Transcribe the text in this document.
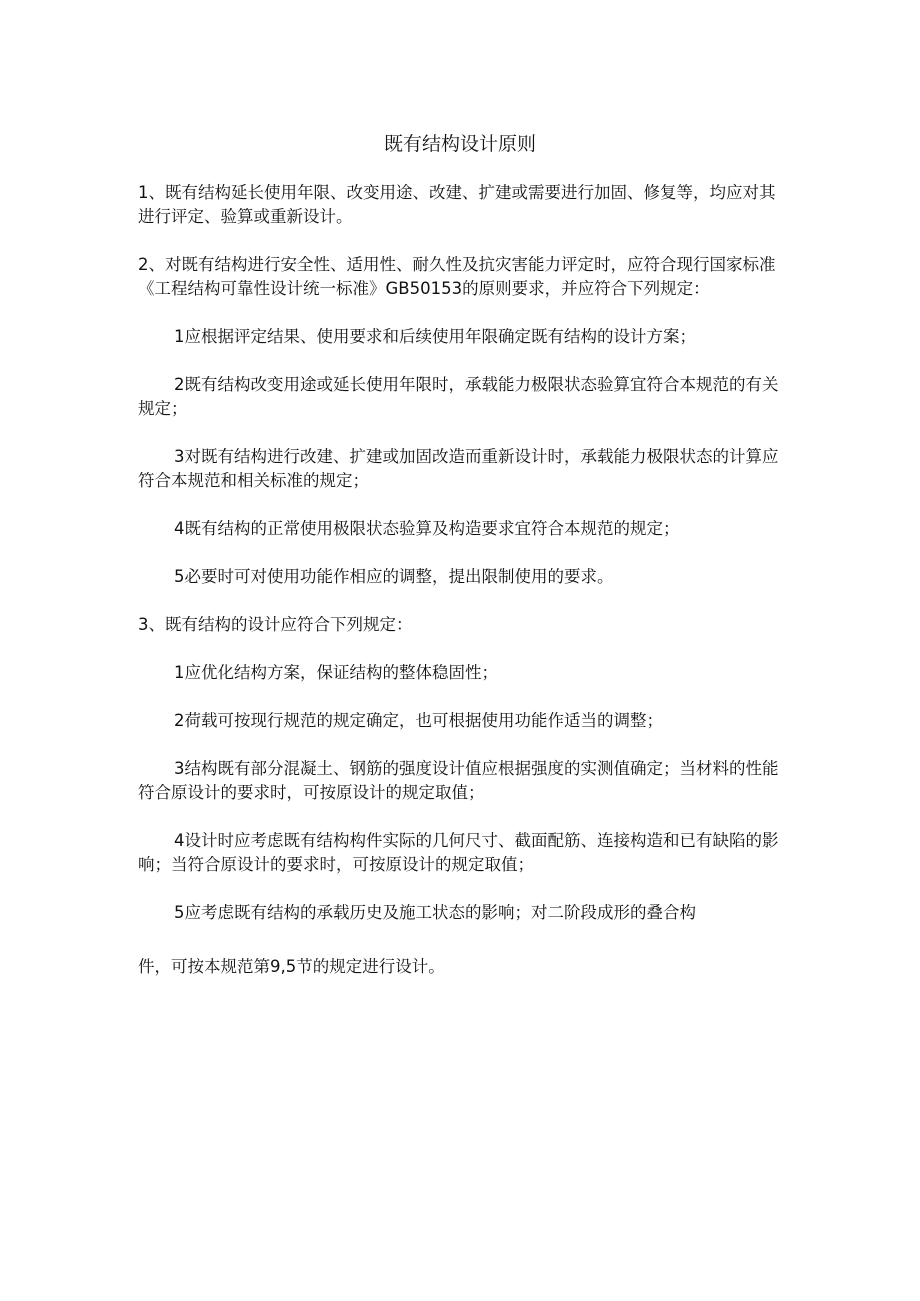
既有结构设计原则

1、既有结构延长使用年限、改变用途、改建、扩建或需要进行加固、修复等，均应对其进行评定、验算或重新设计。

2、对既有结构进行安全性、适用性、耐久性及抗灾害能力评定时，应符合现行国家标准《工程结构可靠性设计统一标准》GB50153的原则要求，并应符合下列规定：

1应根据评定结果、使用要求和后续使用年限确定既有结构的设计方案；

2既有结构改变用途或延长使用年限时，承载能力极限状态验算宜符合本规范的有关规定；

3对既有结构进行改建、扩建或加固改造而重新设计时，承载能力极限状态的计算应符合本规范和相关标准的规定；

4既有结构的正常使用极限状态验算及构造要求宜符合本规范的规定；

5必要时可对使用功能作相应的调整，提出限制使用的要求。

3、既有结构的设计应符合下列规定：

1应优化结构方案，保证结构的整体稳固性；

2荷载可按现行规范的规定确定，也可根据使用功能作适当的调整；

3结构既有部分混凝土、钢筋的强度设计值应根据强度的实测值确定；当材料的性能符合原设计的要求时，可按原设计的规定取值；

4设计时应考虑既有结构构件实际的几何尺寸、截面配筋、连接构造和已有缺陷的影响；当符合原设计的要求时，可按原设计的规定取值；

5应考虑既有结构的承载历史及施工状态的影响；对二阶段成形的叠合构

件，可按本规范第9,5节的规定进行设计。
